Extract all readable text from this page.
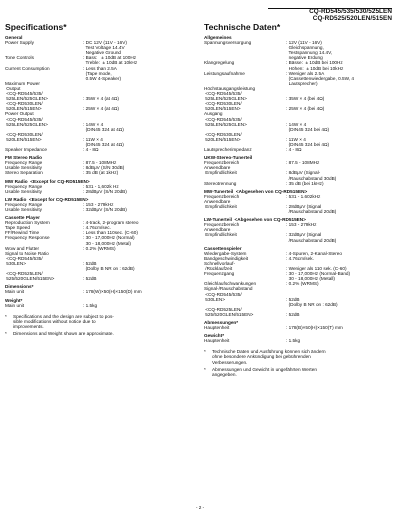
CQ-RD545/535/530/525LEN
CQ-RD525/520LEN/515EN
Specifications*
General
Power Supply	: DC 12V (11V - 16V)
Test Voltage 14.4V
Negative Ground
Tone Controls	: Bass:   ± 10dB at 100Hz
Treble:  ± 10dB at 10kHz
Current Consumption	: Less than 2.5A
(Tape mode,
0.5W 4-Speaker)
Maximum Power
Output
<CQ-RD545/535/
525LEN/525GLEN>	

: 35W × 4 (at 4Ω)
<CQ-RD530LEN/
520LEN/515EN>	
: 25W × 4 (at 4Ω)
Power Output
<CQ-RD545/535/
525LEN/525GLEN>	

: 14W × 4
(DIN45 324 at 4Ω)
<CQ-RD530LEN/
520LEN/515EN>	
: 11W × 4
(DIN45 324 at 4Ω)
Speaker Impedance	: 4 - 8Ω
FM Stereo Radio
Frequency Range	: 87.5 - 108MHz
Usable Sensitivity	: 8dBμV (S/N 30dB)
Stereo Separation	: 35 dB (at 1kHz)
MW Radio  <Except for CQ-RD515EN>
Frequency Range	: 531 - 1,602k Hz
Usable Sensitivity	: 28dBμV (S/N 20dB)
LW Radio  <Except for CQ-RD515EN>
Frequency Range	: 153 - 279kHz
Usable Sensitivity	: 32dBμV (S/N 20dB)
Cassette Player
Reproduction System	: 4-track, 2-program stereo
Tape Speed	: 4.76cm/sec.
FF/Rewind Time	: Less than 110sec. (C-60)
Frequency Response	: 30 - 17,000Hz (Normal)
30 - 18,000Hz (Metal)
Wow and Flutter	: 0.2% (WRMS)
Signal to Noise Ratio
<CQ-RD545/535/
530LEN>	

: 52dB
(Dolby B NR on : 62dB)
<CQ-RD525LEN/
525/520GLEN/515EN>	
: 52dB
Dimensions*
Main unit	: 178(W)×50(H)×150(D) mm
Weight*
Main unit	: 1.5kg
*	Specifications and the design are subject to pos-
sible modifications without notice due to
improvements.
*	Dimensions and Weight shown are approximate.
Technische Daten*
Allgemeines
Spannungsversorgung	: 12V (11V - 16V)
Gleichspannung,
Testspannung 14.4V,
negative Erdung
Klangregelung	: Bässe:  ± 10dB bei 100Hz
Höhen:  ± 10dB bei 10kHz
Leistungsaufnahme	: Weniger als 2.5A
(Cassettenwiedergabe, 0.5W, 4
Lautsprecher)
Höchstausgangsleistung
<CQ-RD545/535/
525LEN/525GLEN>	

: 35W × 4 (bei 4Ω)
<CQ-RD530LEN/
520LEN/515EN>	
: 25W × 4 (bei 4Ω)
Ausgang
<CQ-RD545/535/
525LEN/525GLEN>	

: 14W × 4
(DIN45 324 bei 4Ω)
<CQ-RD530LEN/
520LEN/515EN>	
: 11W × 4
(DIN45 324 bei 4Ω)
Lautsprecherimpedanz	: 4 - 8Ω
UKW-Stereo-Tunerteil
Frequenzbereich	: 87.5 - 108MHz
Anwendbare
Empfindlichkeit	
: 8dBμV (Signal-
/Rauschabstand 30dB)
Stereotrennung	: 35 dB (bei 1kHz)
MW-Tunerteil  <Abgesehen von CQ-RD515EN>
Frequenzbereich	: 531 - 1.602kHz
Anwendbare
Empfindlichkeit	
: 28dBμV (Signal
/Rauschabstand 20dB)
LW-Tunerteil  <Abgesehen von CQ-RD515EN>
Frequenzbereich	: 153 - 279kHz
Anwendbare
Empfindlichkeit	
: 32dBμV (Signal
/Rauschabstand 20dB)
Cassettenspieler
Wiedergabe-System	: 4-Spuren, 2-Kanal-Stereo
Bandgeschwindigkeit	: 4.76cm/sek.
Schnellvorlauf-
/Rücklaufzeit	
: Weniger als 110 sek. (C-60)
Frequenzgang	: 30 - 17,000Hz (Normal-Band)
30 - 18,000Hz (Metall)
Gleichlaufschwankungen	: 0.2% (WRMS)
Signal-/Rauschabstand
<CQ-RD545/535/
530LEN>	

: 52dB
(Dolby B NR on : 62dB)
<CQ-RD525LEN/
525/520GLEN/515EN>	
: 52dB
Abmessungen*
Hauptenheit	: 178(B)×50(H)×150(T) mm
Gewicht*
Hauptenheit	: 1.5kg
*	Technische Daten und Ausführung können sich ändern
ohne besondere Ankündigung bei gebührenden
Verbesserungen.
*	Abmessungen und Gewicht in ungefährten Werten
angegeben.
- 2 -
